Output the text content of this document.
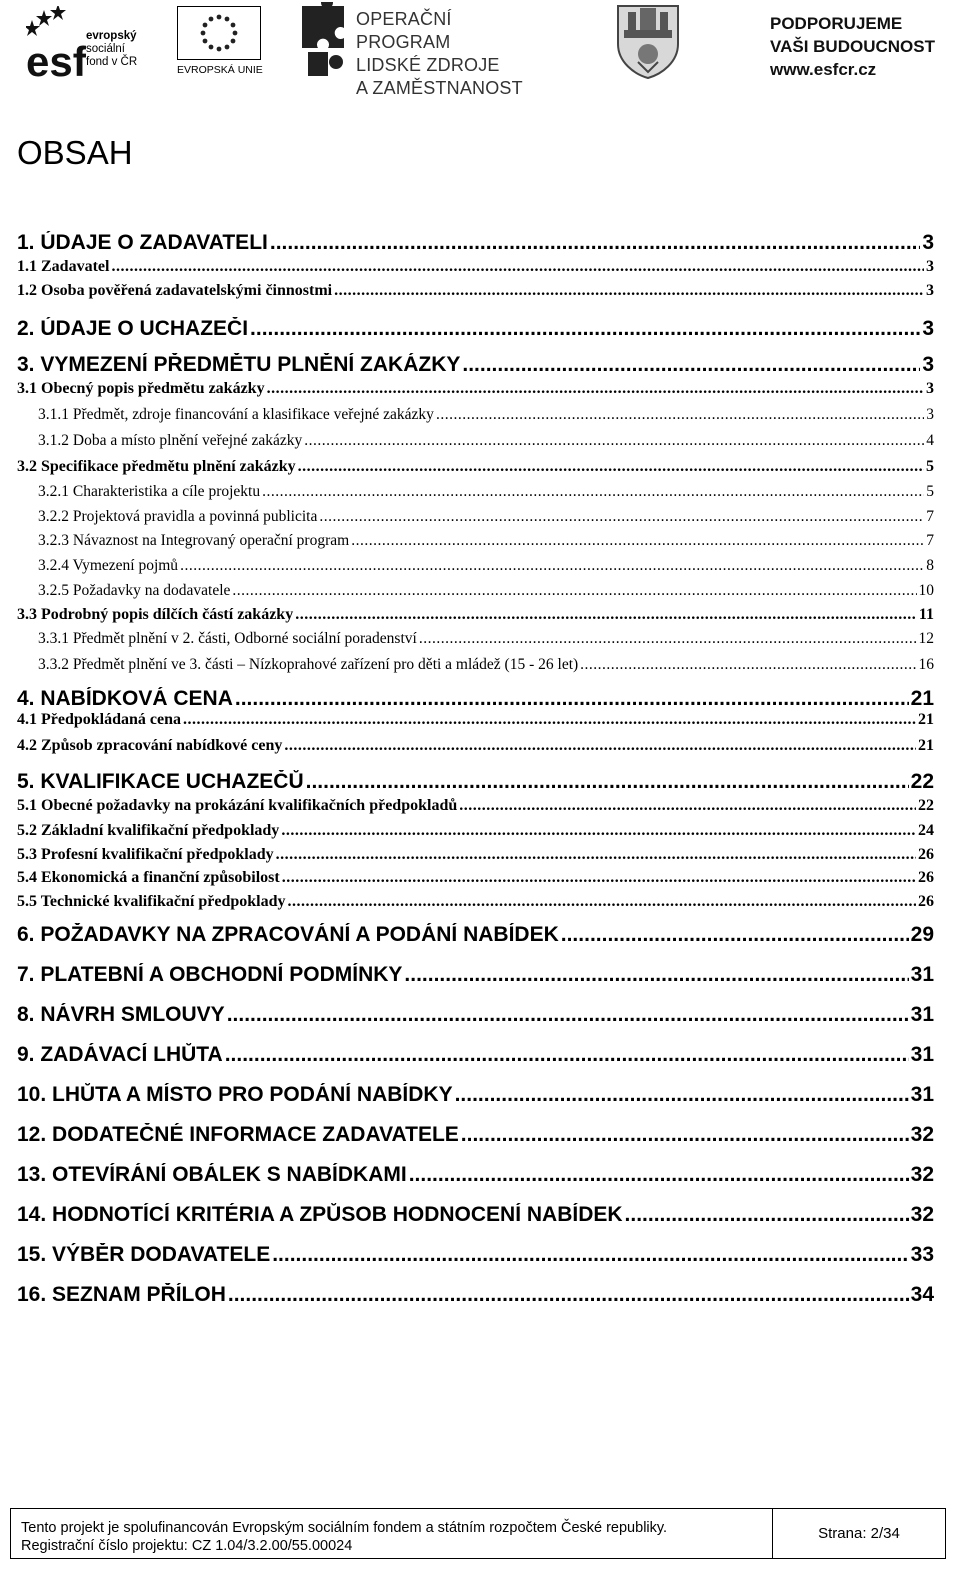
esf
evropský
sociální
fond v ČR
EVROPSKÁ UNIE
OPERAČNÍ PROGRAM
LIDSKÉ ZDROJE
A ZAMĚSTNANOST
PODPORUJEME
VAŠI BUDOUCNOST
www.esfcr.cz
OBSAH
1. ÚDAJE O ZADAVATELI .....	3
1.1 Zadavatel .....	3
1.2 Osoba pověřená zadavatelskými činnostmi .....	3
2. ÚDAJE O UCHAZEČI .....	3
3. VYMEZENÍ PŘEDMĚTU PLNĚNÍ ZAKÁZKY .....	3
3.1 Obecný popis předmětu zakázky .....	3
3.1.1 Předmět, zdroje financování a klasifikace veřejné zakázky .....	3
3.1.2 Doba a místo plnění veřejné zakázky .....	4
3.2 Specifikace předmětu plnění zakázky .....	5
3.2.1 Charakteristika a cíle projektu .....	5
3.2.2 Projektová pravidla a povinná publicita .....	7
3.2.3 Návaznost na Integrovaný operační program .....	7
3.2.4 Vymezení pojmů .....	8
3.2.5 Požadavky na dodavatele .....	10
3.3 Podrobný popis dílčích částí zakázky .....	11
3.3.1 Předmět plnění v 2. části, Odborné sociální poradenství .....	12
3.3.2 Předmět plnění ve 3. části – Nízkoprahové zařízení pro děti a mládež (15 - 26 let) .....	16
4. NABÍDKOVÁ CENA .....	21
4.1 Předpokládaná cena .....	21
4.2 Způsob zpracování nabídkové ceny .....	21
5. KVALIFIKACE UCHAZEČŮ .....	22
5.1 Obecné požadavky na prokázání kvalifikačních předpokladů .....	22
5.2 Základní kvalifikační předpoklady .....	24
5.3 Profesní kvalifikační předpoklady .....	26
5.4 Ekonomická a finanční způsobilost .....	26
5.5 Technické kvalifikační předpoklady .....	26
6. POŽADAVKY NA ZPRACOVÁNÍ A PODÁNÍ NABÍDEK .....	29
7. PLATEBNÍ A OBCHODNÍ PODMÍNKY .....	31
8. NÁVRH SMLOUVY .....	31
9. ZADÁVACÍ LHŮTA .....	31
10. LHŮTA A MÍSTO PRO PODÁNÍ NABÍDKY .....	31
12. DODATEČNÉ INFORMACE ZADAVATELE .....	32
13. OTEVÍRÁNÍ OBÁLEK S NABÍDKAMI .....	32
14. HODNOTÍCÍ KRITÉRIA A ZPŮSOB HODNOCENÍ NABÍDEK .....	32
15. VÝBĚR DODAVATELE .....	33
16. SEZNAM PŘÍLOH .....	34
Tento projekt je spolufinancován Evropským sociálním fondem a státním rozpočtem České republiky.
Registrační číslo projektu: CZ 1.04/3.2.00/55.00024
Strana: 2/34
